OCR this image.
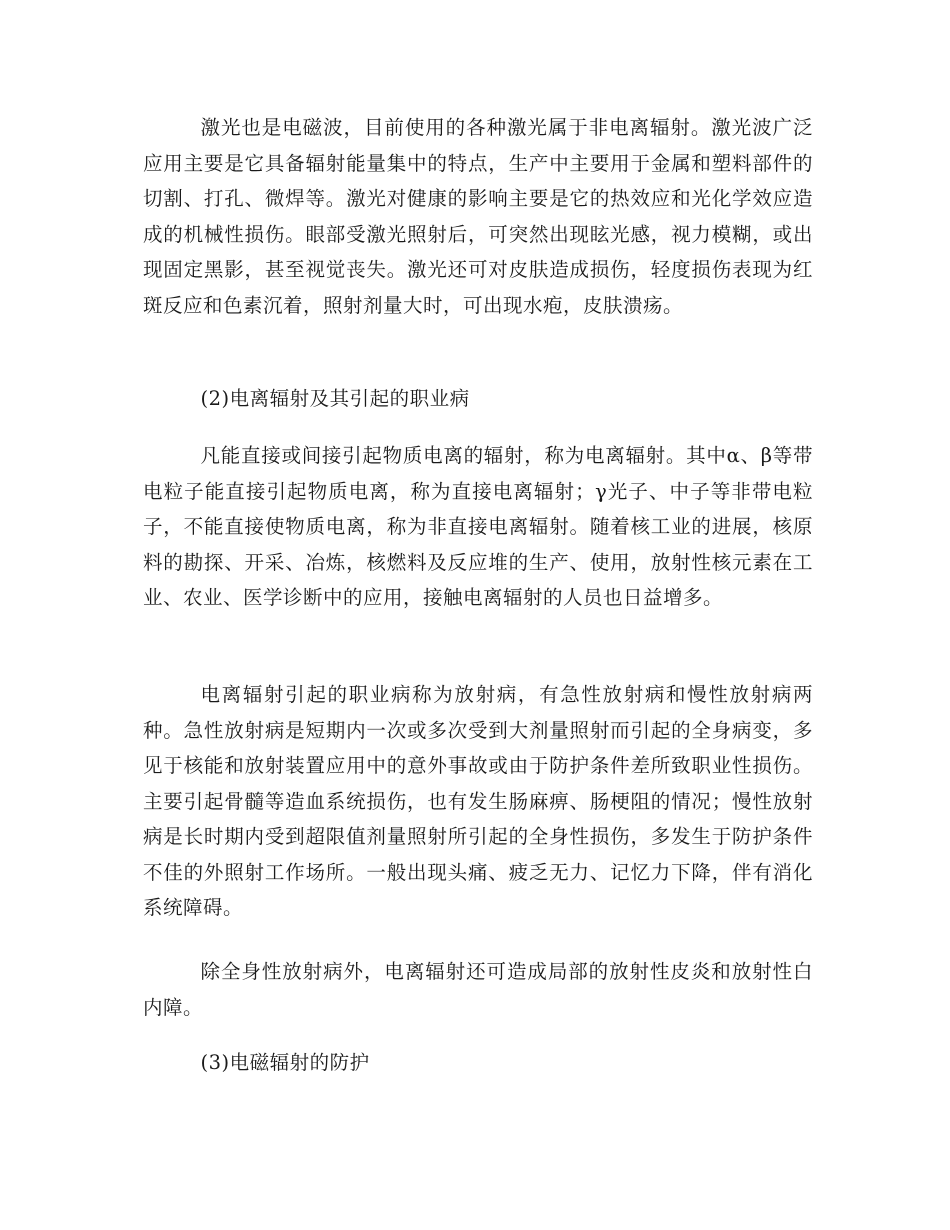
激光也是电磁波，目前使用的各种激光属于非电离辐射。激光波广泛应用主要是它具备辐射能量集中的特点，生产中主要用于金属和塑料部件的切割、打孔、微焊等。激光对健康的影响主要是它的热效应和光化学效应造成的机械性损伤。眼部受激光照射后，可突然出现眩光感，视力模糊，或出现固定黑影，甚至视觉丧失。激光还可对皮肤造成损伤，轻度损伤表现为红斑反应和色素沉着，照射剂量大时，可出现水疱，皮肤溃疡。

(2)电离辐射及其引起的职业病

凡能直接或间接引起物质电离的辐射，称为电离辐射。其中α、β等带电粒子能直接引起物质电离，称为直接电离辐射；γ光子、中子等非带电粒子，不能直接使物质电离，称为非直接电离辐射。随着核工业的进展，核原料的勘探、开采、冶炼，核燃料及反应堆的生产、使用，放射性核元素在工业、农业、医学诊断中的应用，接触电离辐射的人员也日益增多。

电离辐射引起的职业病称为放射病，有急性放射病和慢性放射病两种。急性放射病是短期内一次或多次受到大剂量照射而引起的全身病变，多见于核能和放射装置应用中的意外事故或由于防护条件差所致职业性损伤。主要引起骨髓等造血系统损伤，也有发生肠麻痹、肠梗阻的情况；慢性放射病是长时期内受到超限值剂量照射所引起的全身性损伤，多发生于防护条件不佳的外照射工作场所。一般出现头痛、疲乏无力、记忆力下降，伴有消化系统障碍。

除全身性放射病外，电离辐射还可造成局部的放射性皮炎和放射性白内障。

(3)电磁辐射的防护
